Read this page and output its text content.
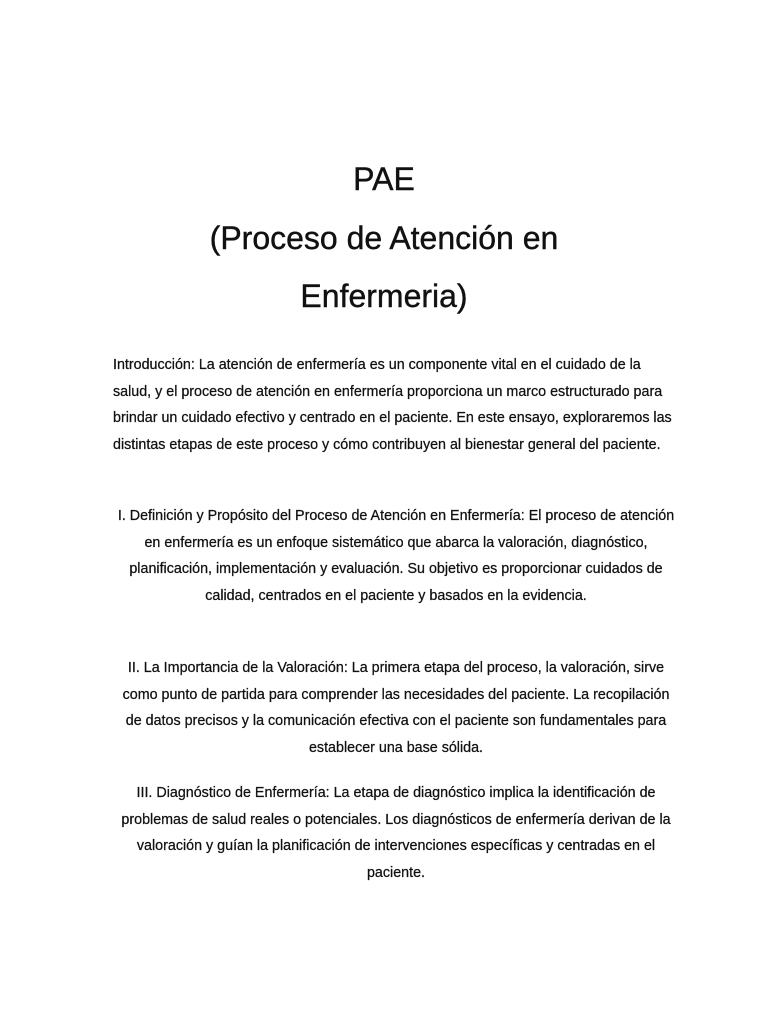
PAE
(Proceso de Atención en
Enfermeria)

Introducción: La atención de enfermería es un componente vital en el cuidado de la salud, y el proceso de atención en enfermería proporciona un marco estructurado para brindar un cuidado efectivo y centrado en el paciente. En este ensayo, exploraremos las distintas etapas de este proceso y cómo contribuyen al bienestar general del paciente.

I. Definición y Propósito del Proceso de Atención en Enfermería: El proceso de atención en enfermería es un enfoque sistemático que abarca la valoración, diagnóstico, planificación, implementación y evaluación. Su objetivo es proporcionar cuidados de calidad, centrados en el paciente y basados en la evidencia.

II. La Importancia de la Valoración: La primera etapa del proceso, la valoración, sirve como punto de partida para comprender las necesidades del paciente. La recopilación de datos precisos y la comunicación efectiva con el paciente son fundamentales para establecer una base sólida.

III. Diagnóstico de Enfermería: La etapa de diagnóstico implica la identificación de problemas de salud reales o potenciales. Los diagnósticos de enfermería derivan de la valoración y guían la planificación de intervenciones específicas y centradas en el paciente.
